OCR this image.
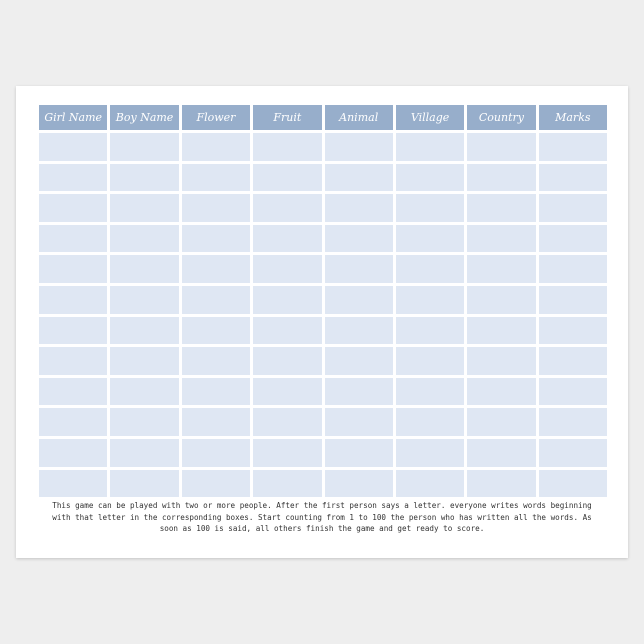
Girl Name	Boy Name	Flower	Fruit	Animal	Village	Country	Marks
This game can be played with two or more people. After the first person says a letter. everyone writes words beginning with that letter in the corresponding boxes. Start counting from 1 to 100 the person who has written all the words. As soon as 100 is said, all others finish the game and get ready to score.
